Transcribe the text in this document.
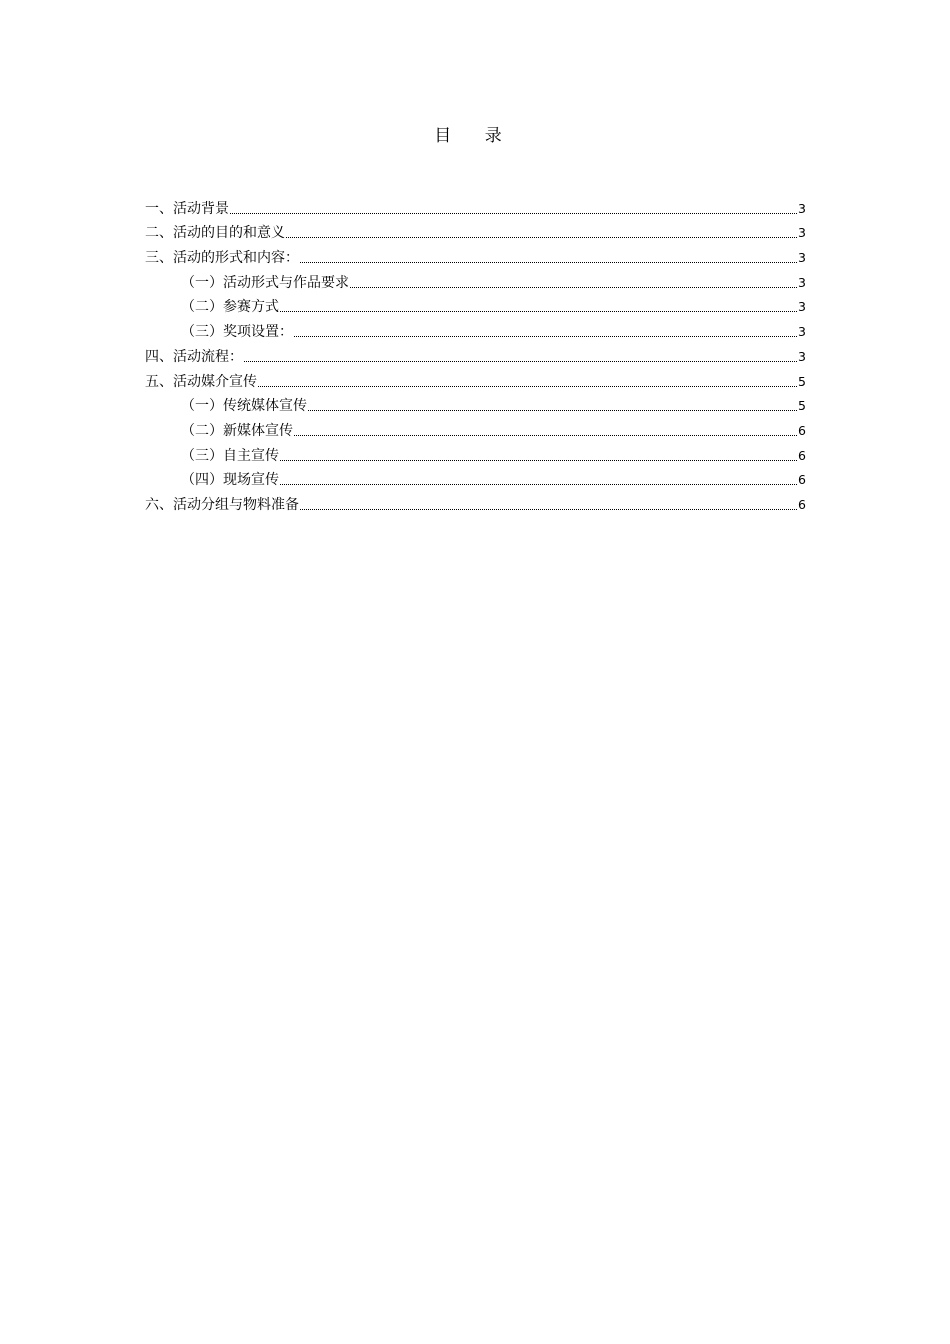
目 录
一、活动背景	3
二、活动的目的和意义	3
三、活动的形式和内容：	3
（一）活动形式与作品要求	3
（二）参赛方式	3
（三）奖项设置：	3
四、活动流程：	3
五、活动媒介宣传	5
（一）传统媒体宣传	5
（二）新媒体宣传	6
（三）自主宣传	6
（四）现场宣传	6
六、活动分组与物料准备	6
